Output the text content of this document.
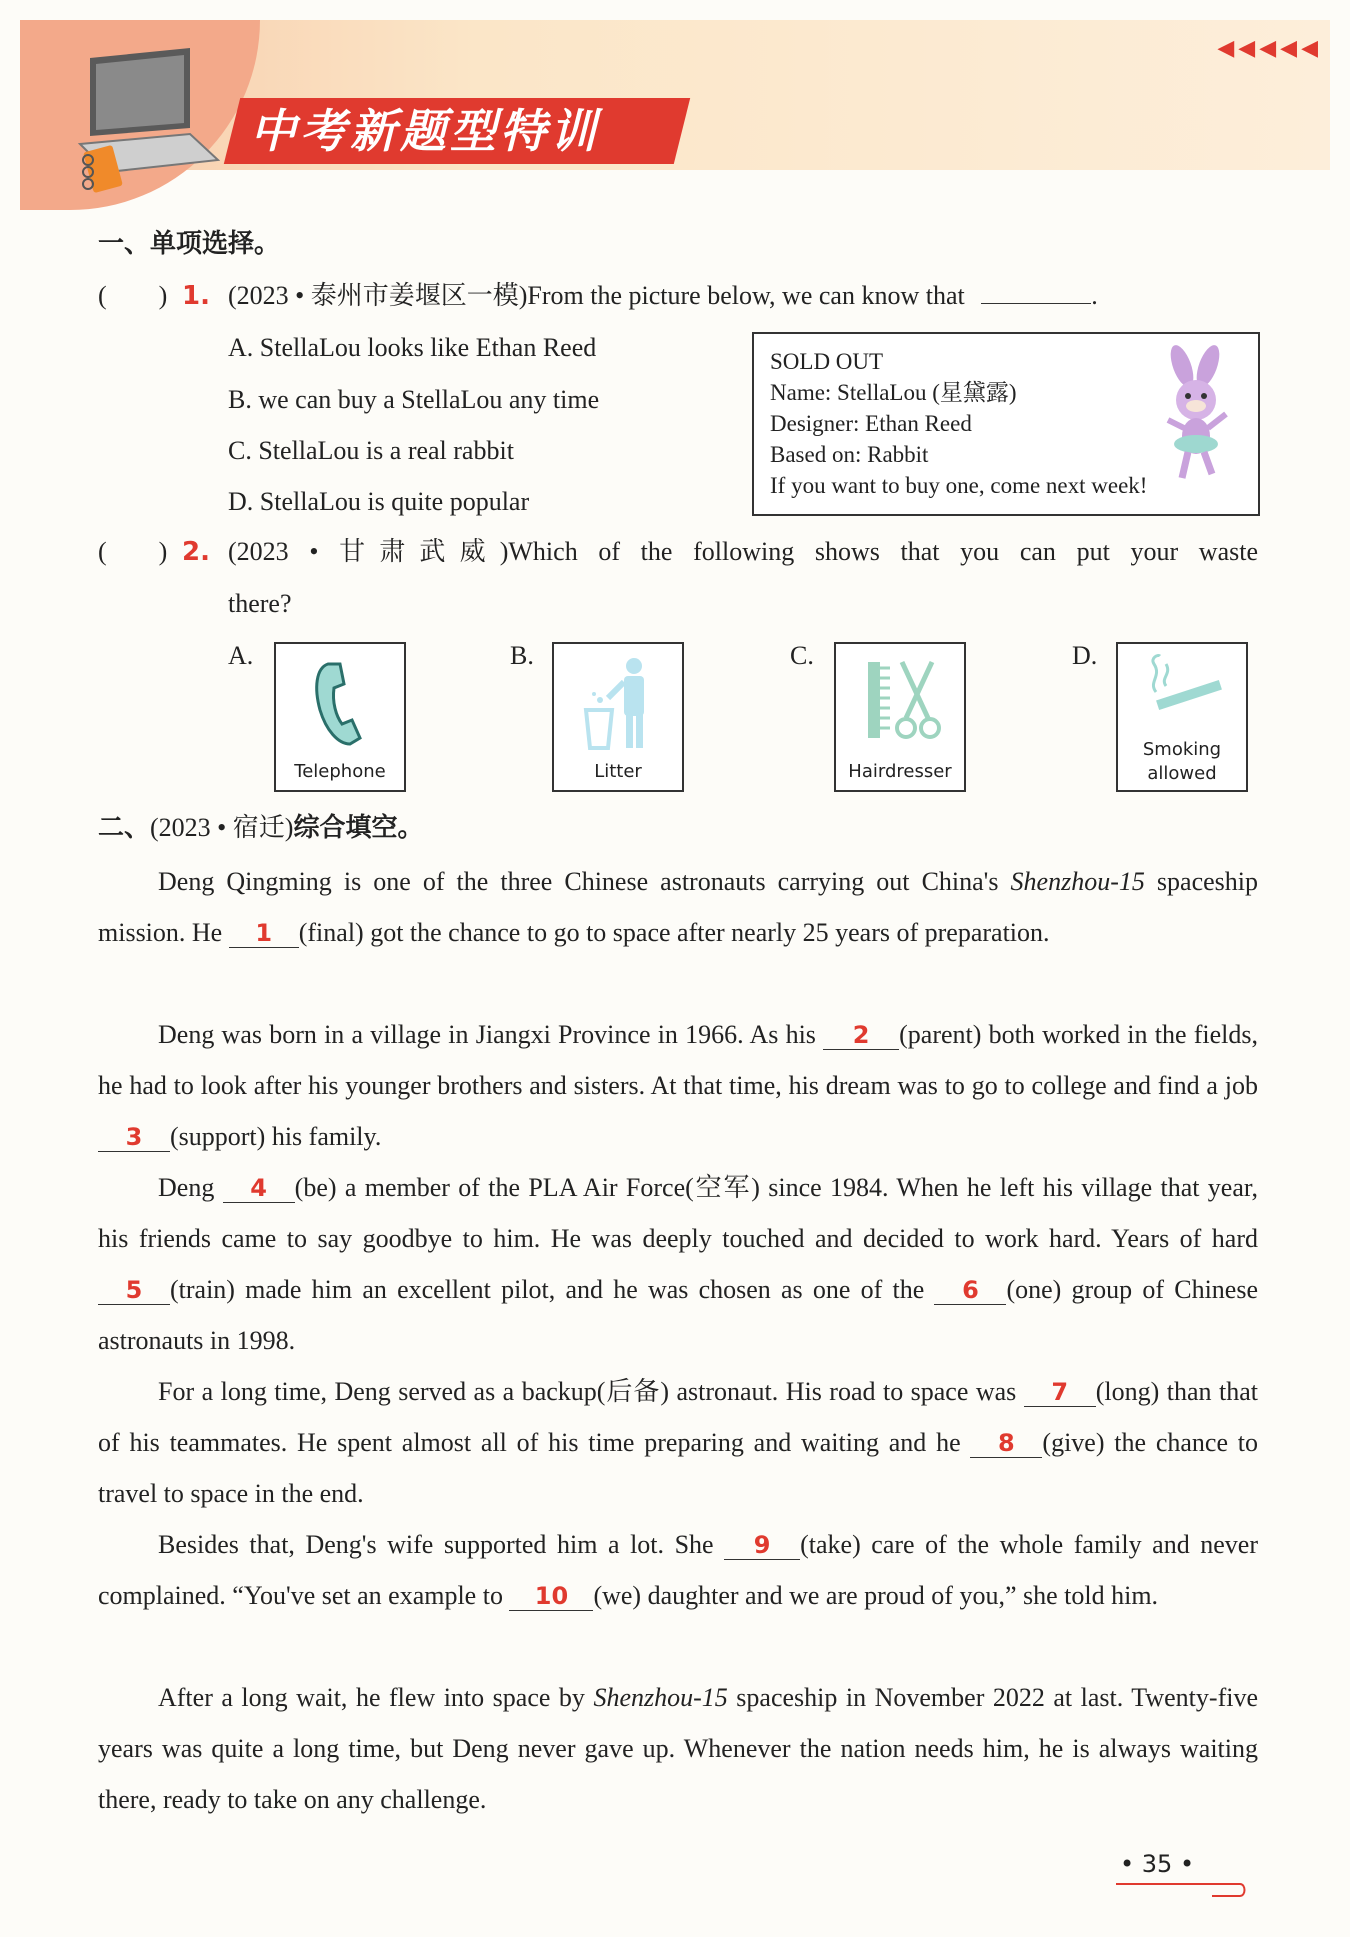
中考新题型特训
◀◀◀◀◀
一、单项选择。
(　　) 1. (2023 • 泰州市姜堰区一模)From the picture below, we can know that	.
A. StellaLou looks like Ethan Reed
B. we can buy a StellaLou any time
C. StellaLou is a real rabbit
D. StellaLou is quite popular
SOLD OUT
Name: StellaLou (星黛露)
Designer: Ethan Reed
Based on: Rabbit
If you want to buy one, come next week!
(　　) 2. (2023 • 甘肃武威)Which of the following shows that you can put your waste
there?
A.	B.	C.	D.
Telephone	Litter	Hairdresser
Smoking
allowed
二、(2023 • 宿迁)综合填空。
Deng Qingming is one of the three Chinese astronauts carrying out China's Shenzhou-15 spaceship mission. He 1 (final) got the chance to go to space after nearly 25 years of preparation.
Deng was born in a village in Jiangxi Province in 1966. As his 2 (parent) both worked in the fields, he had to look after his younger brothers and sisters. At that time, his dream was to go to college and find a job 3 (support) his family.
Deng 4 (be) a member of the PLA Air Force(空军) since 1984. When he left his village that year, his friends came to say goodbye to him. He was deeply touched and decided to work hard. Years of hard 5 (train) made him an excellent pilot, and he was chosen as one of the 6 (one) group of Chinese astronauts in 1998.
For a long time, Deng served as a backup(后备) astronaut. His road to space was 7 (long) than that of his teammates. He spent almost all of his time preparing and waiting and he 8 (give) the chance to travel to space in the end.
Besides that, Deng's wife supported him a lot. She 9 (take) care of the whole family and never complained. “You've set an example to 10 (we) daughter and we are proud of you,” she told him.
After a long wait, he flew into space by Shenzhou-15 spaceship in November 2022 at last. Twenty-five years was quite a long time, but Deng never gave up. Whenever the nation needs him, he is always waiting there, ready to take on any challenge.
• 35 •
